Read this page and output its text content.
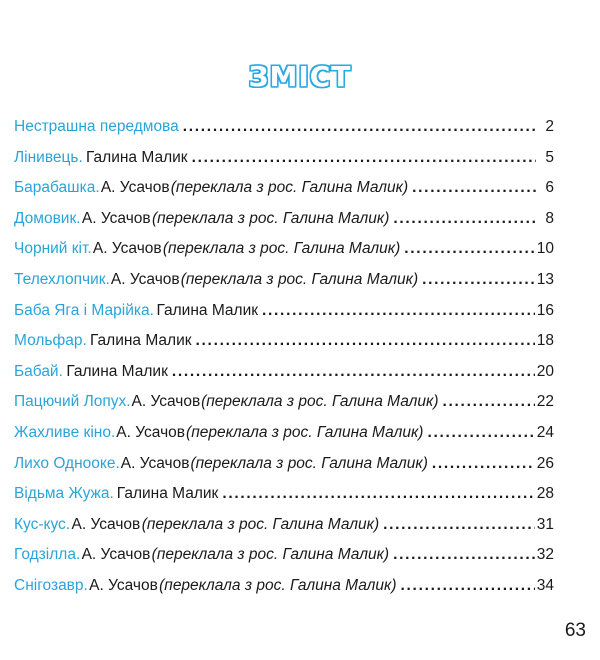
ЗМІСТ
Нестрашна передмова . . .	2
Лінивець. Галина Малик . . .	5
Барабашка. А. Усачов (переклала з рос. Галина Малик) . . .	6
Домовик. А. Усачов (переклала з рос. Галина Малик) . . .	8
Чорний кіт. А. Усачов (переклала з рос. Галина Малик) . . .	10
Телехлопчик. А. Усачов (переклала з рос. Галина Малик) . . .	13
Баба Яга і Марійка. Галина Малик . . .	16
Мольфар. Галина Малик . . .	18
Бабай. Галина Малик . . .	20
Пацючий Лопух. А. Усачов (переклала з рос. Галина Малик) . . .	22
Жахливе кіно. А. Усачов (переклала з рос. Галина Малик) . . .	24
Лихо Однооке. А. Усачов (переклала з рос. Галина Малик) . . .	26
Відьма Жужа. Галина Малик . . .	28
Кус-кус. А. Усачов (переклала з рос. Галина Малик) . . .	31
Годзілла. А. Усачов (переклала з рос. Галина Малик) . . .	32
Снігозавр. А. Усачов (переклала з рос. Галина Малик) . . .	34
63
